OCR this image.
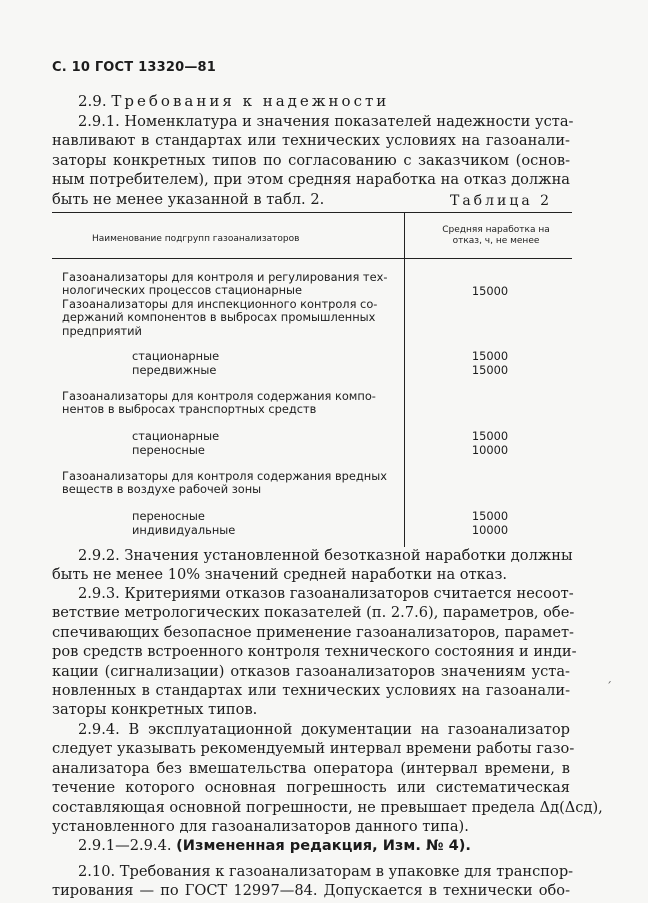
С. 10 ГОСТ 13320—81
2.9. Требования к надежности
2.9.1. Номенклатура и значения показателей надежности уста-
навливают в стандартах или технических условиях на газоанали-
заторы конкретных типов по согласованию с заказчиком (основ-
ным потребителем), при этом средняя наработка на отказ должна
быть не менее указанной в табл. 2.	Таблица 2
Наименование подгрупп газоанализаторов
Средняя наработка на
отказ, ч, не менее
Газоанализаторы для контроля и регулирования тех-
нологических процессов стационарные	15000
Газоанализаторы для инспекционного контроля со-
держаний компонентов в выбросах промышленных
предприятий
стационарные	15000
передвижные	15000
Газоанализаторы для контроля содержания компо-
нентов в выбросах транспортных средств
стационарные	15000
переносные	10000
Газоанализаторы для контроля содержания вредных
веществ в воздухе рабочей зоны
переносные	15000
индивидуальные	10000
2.9.2. Значения установленной безотказной наработки должны
быть не менее 10% значений средней наработки на отказ.
2.9.3. Критериями отказов газоанализаторов считается несоот-
ветствие метрологических показателей (п. 2.7.6), параметров, обе-
спечивающих безопасное применение газоанализаторов, парамет-
ров средств встроенного контроля технического состояния и инди-
кации (сигнализации) отказов газоанализаторов значениям уста-
новленных в стандартах или технических условиях на газоанали-
заторы конкретных типов.
´
2.9.4. В эксплуатационной документации на газоанализатор
следует указывать рекомендуемый интервал времени работы газо-
анализатора без вмешательства оператора (интервал времени, в
течение которого основная погрешность или систематическая
составляющая основной погрешности, не превышает предела Δд(Δсд),
установленного для газоанализаторов данного типа).
2.9.1—2.9.4. (Измененная редакция, Изм. № 4).
2.10. Требования к газоанализаторам в упаковке для транспор-
тирования — по ГОСТ 12997—84. Допускается в технически обо-
